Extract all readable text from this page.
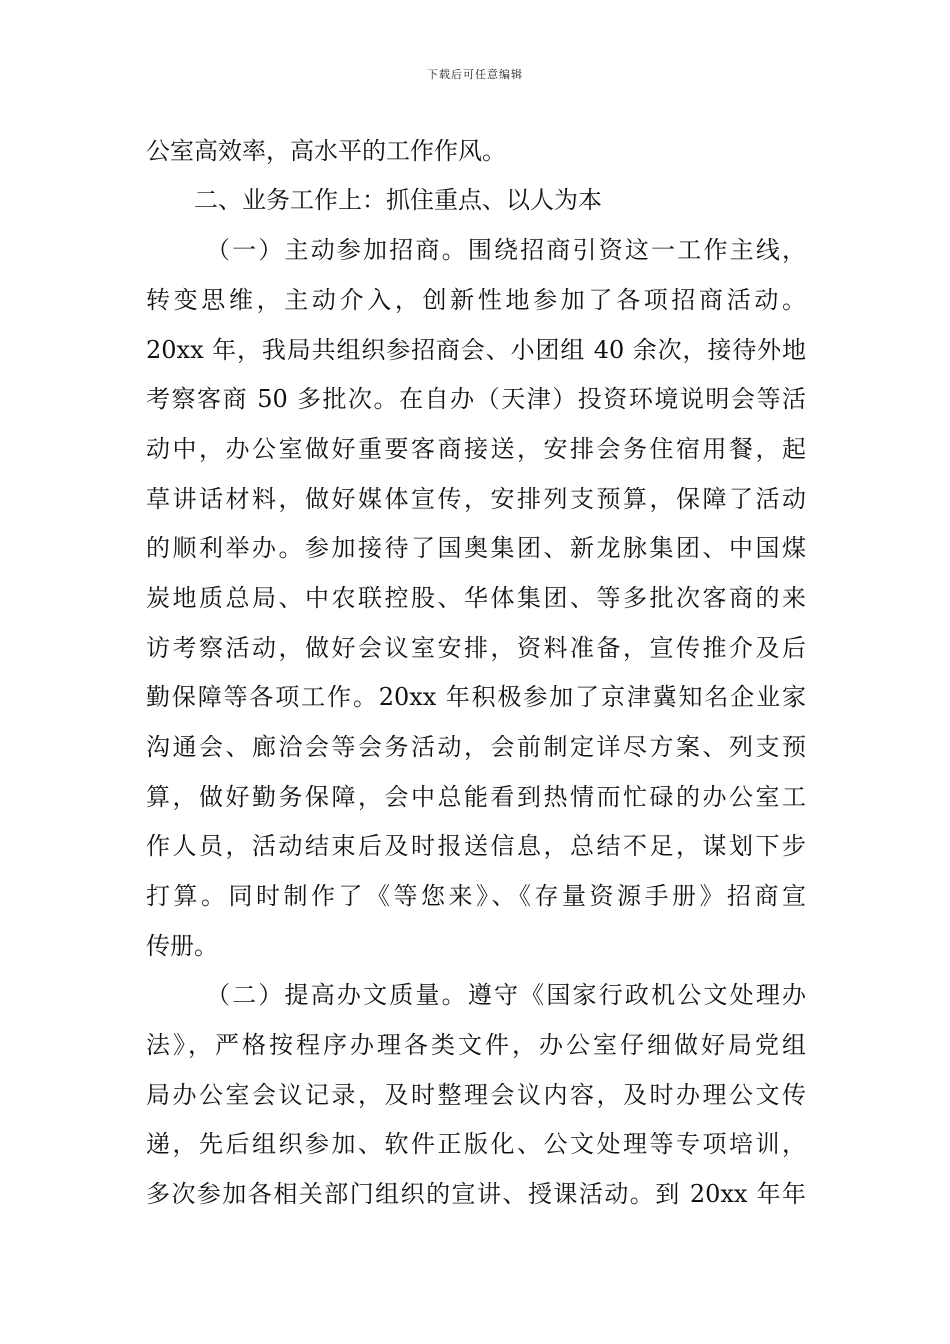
下载后可任意编辑
公室高效率，高水平的工作作风。
二、业务工作上：抓住重点、以人为本
（一）主动参加招商。围绕招商引资这一工作主线，
转变思维，主动介入，创新性地参加了各项招商活动。
20xx 年，我局共组织参招商会、小团组 40 余次，接待外地
考察客商 50 多批次。在自办（天津）投资环境说明会等活
动中，办公室做好重要客商接送，安排会务住宿用餐，起
草讲话材料，做好媒体宣传，安排列支预算，保障了活动
的顺利举办。参加接待了国奥集团、新龙脉集团、中国煤
炭地质总局、中农联控股、华体集团、等多批次客商的来
访考察活动，做好会议室安排，资料准备，宣传推介及后
勤保障等各项工作。20xx 年积极参加了京津冀知名企业家
沟通会、廊洽会等会务活动，会前制定详尽方案、列支预
算，做好勤务保障，会中总能看到热情而忙碌的办公室工
作人员，活动结束后及时报送信息，总结不足，谋划下步
打算。同时制作了《等您来》、《存量资源手册》招商宣
传册。
（二）提高办文质量。遵守《国家行政机公文处理办
法》，严格按程序办理各类文件，办公室仔细做好局党组
局办公室会议记录，及时整理会议内容，及时办理公文传
递，先后组织参加、软件正版化、公文处理等专项培训，
多次参加各相关部门组织的宣讲、授课活动。到 20xx 年年
